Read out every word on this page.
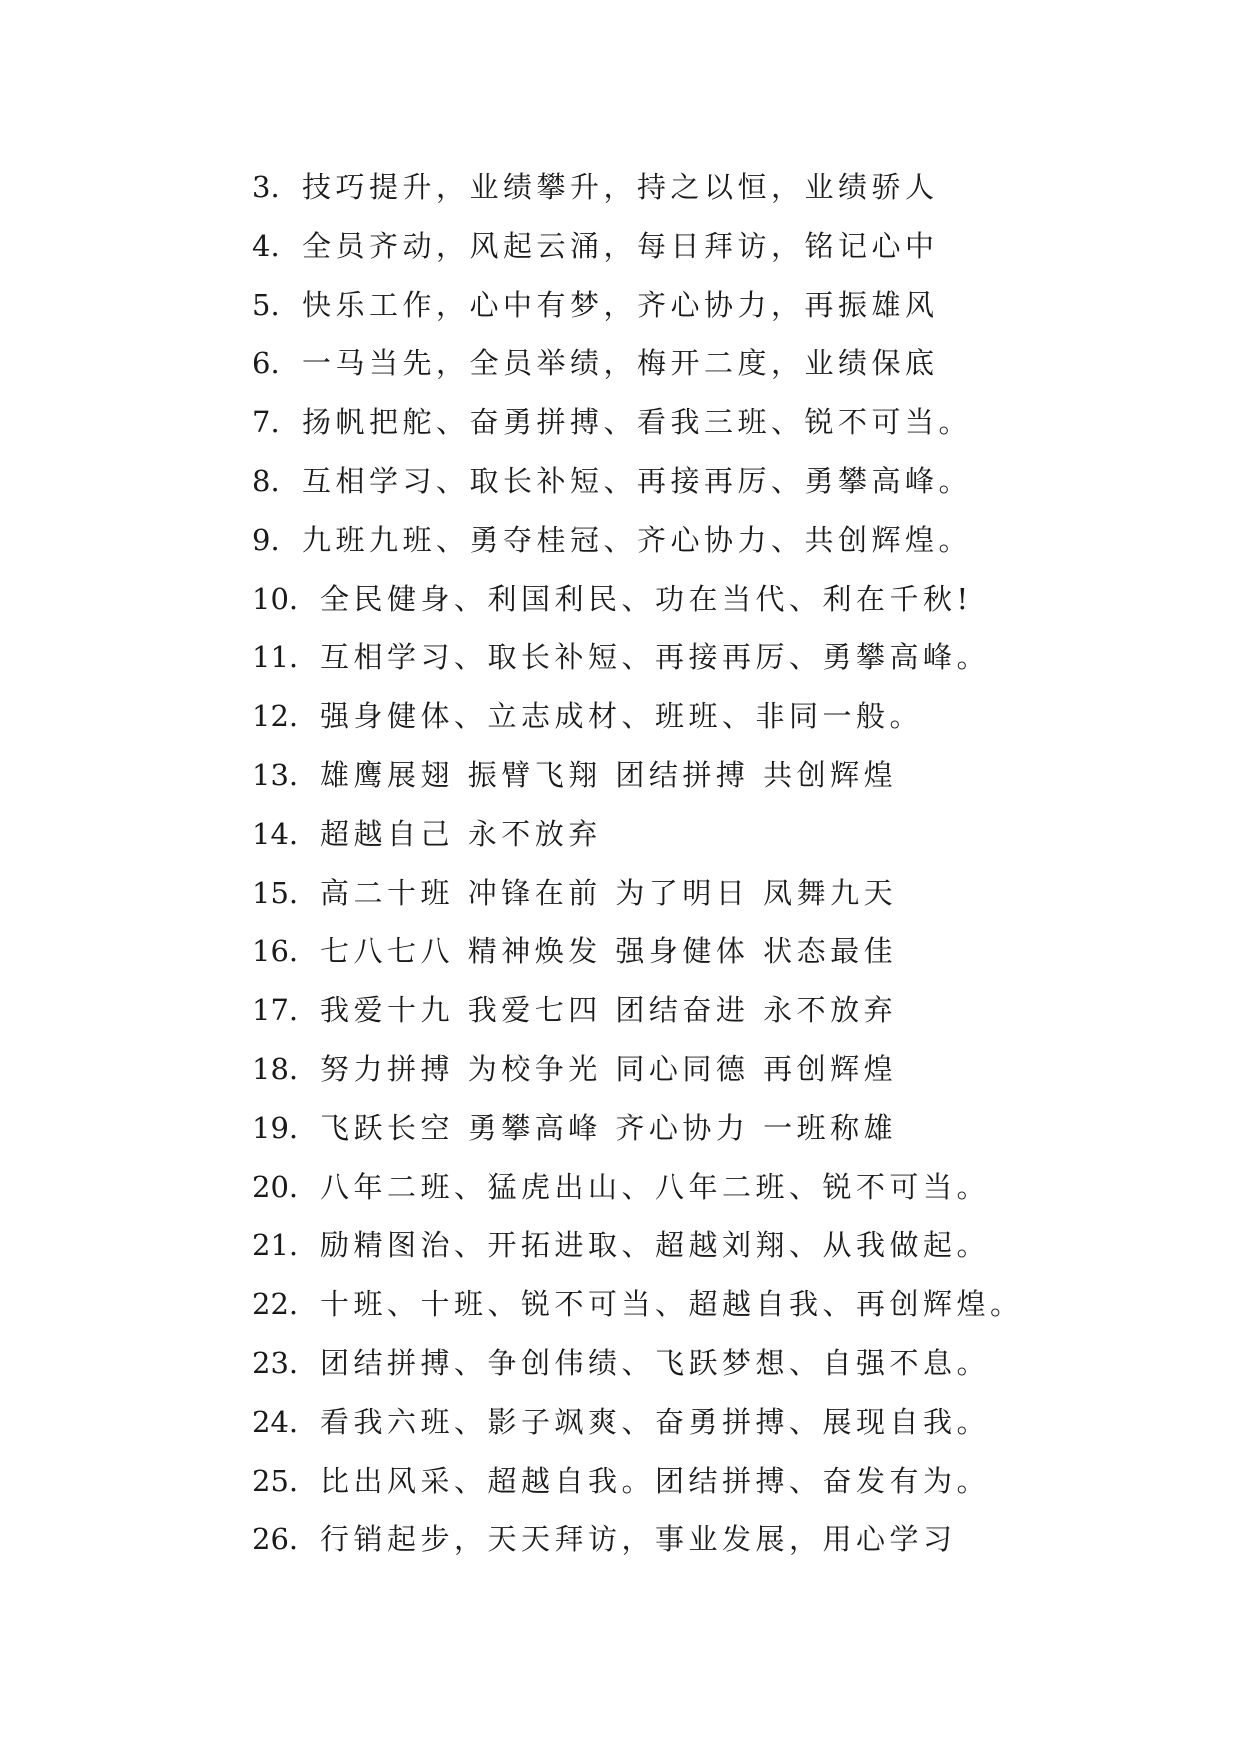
3. 技巧提升，业绩攀升，持之以恒，业绩骄人
4. 全员齐动，风起云涌，每日拜访，铭记心中
5. 快乐工作，心中有梦，齐心协力，再振雄风
6. 一马当先，全员举绩，梅开二度，业绩保底
7. 扬帆把舵、奋勇拼搏、看我三班、锐不可当。
8. 互相学习、取长补短、再接再厉、勇攀高峰。
9. 九班九班、勇夺桂冠、齐心协力、共创辉煌。
10. 全民健身、利国利民、功在当代、利在千秋!
11. 互相学习、取长补短、再接再厉、勇攀高峰。
12. 强身健体、立志成材、班班、非同一般。
13. 雄鹰展翅 振臂飞翔 团结拼搏 共创辉煌
14. 超越自己 永不放弃
15. 高二十班 冲锋在前 为了明日 凤舞九天
16. 七八七八 精神焕发 强身健体 状态最佳
17. 我爱十九 我爱七四 团结奋进 永不放弃
18. 努力拼搏 为校争光 同心同德 再创辉煌
19. 飞跃长空 勇攀高峰 齐心协力 一班称雄
20. 八年二班、猛虎出山、八年二班、锐不可当。
21. 励精图治、开拓进取、超越刘翔、从我做起。
22. 十班、十班、锐不可当、超越自我、再创辉煌。
23. 团结拼搏、争创伟绩、飞跃梦想、自强不息。
24. 看我六班、影子飒爽、奋勇拼搏、展现自我。
25. 比出风采、超越自我。团结拼搏、奋发有为。
26. 行销起步，天天拜访，事业发展，用心学习
